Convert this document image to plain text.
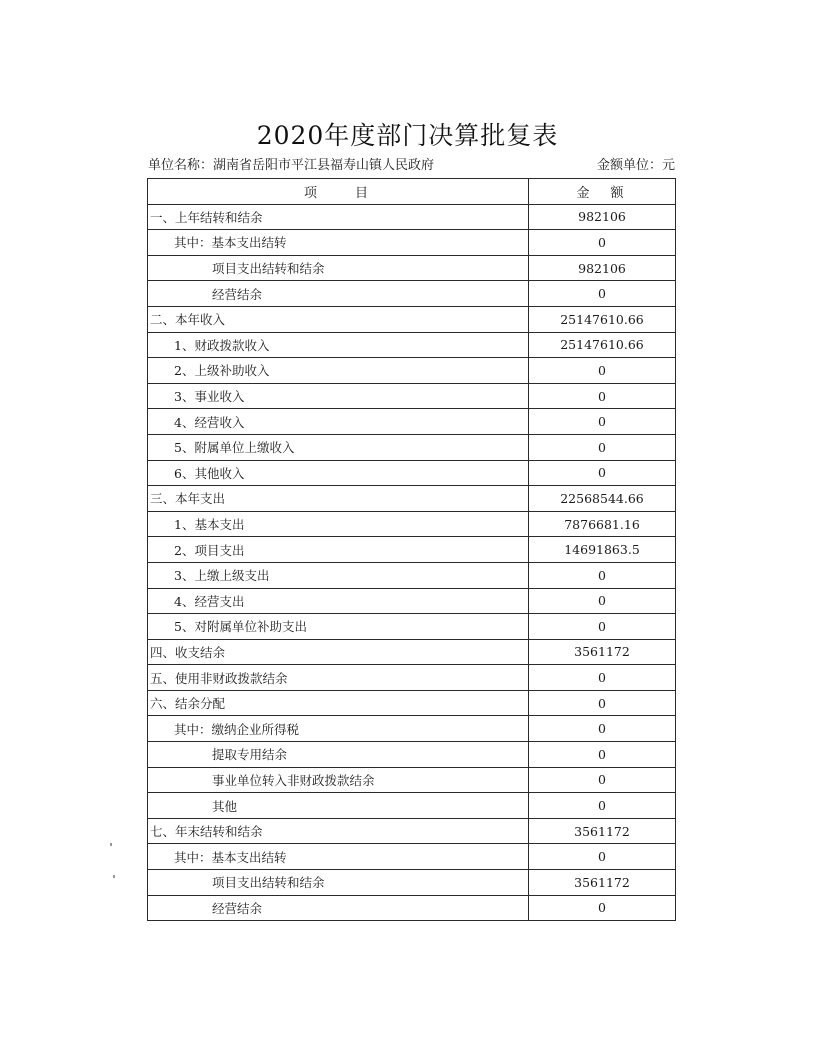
2020年度部门决算批复表
单位名称：湖南省岳阳市平江县福寿山镇人民政府	金额单位：元
项　　目	金　额
一、上年结转和结余	982106
其中：基本支出结转	0
项目支出结转和结余	982106
经营结余	0
二、本年收入	25147610.66
1、财政拨款收入	25147610.66
2、上级补助收入	0
3、事业收入	0
4、经营收入	0
5、附属单位上缴收入	0
6、其他收入	0
三、本年支出	22568544.66
1、基本支出	7876681.16
2、项目支出	14691863.5
3、上缴上级支出	0
4、经营支出	0
5、对附属单位补助支出	0
四、收支结余	3561172
五、使用非财政拨款结余	0
六、结余分配	0
其中：缴纳企业所得税	0
提取专用结余	0
事业单位转入非财政拨款结余	0
其他	0
七、年末结转和结余	3561172
其中：基本支出结转	0
项目支出结转和结余	3561172
经营结余	0
